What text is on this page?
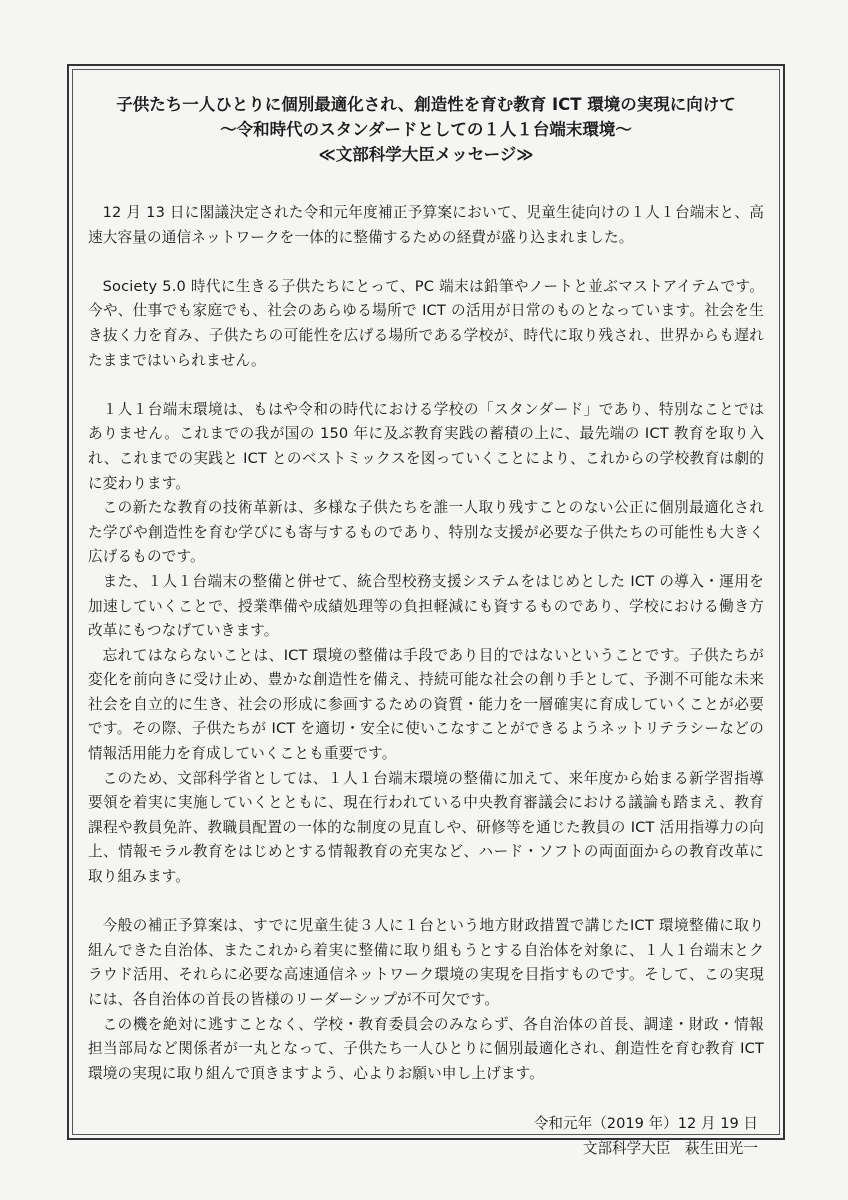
子供たち一人ひとりに個別最適化され、創造性を育む教育 ICT 環境の実現に向けて

～令和時代のスタンダードとしての１人１台端末環境～

≪文部科学大臣メッセージ≫

12 月 13 日に閣議決定された令和元年度補正予算案において、児童生徒向けの１人１台端末と、高速大容量の通信ネットワークを一体的に整備するための経費が盛り込まれました。

Society 5.0 時代に生きる子供たちにとって、PC 端末は鉛筆やノートと並ぶマストアイテムです。今や、仕事でも家庭でも、社会のあらゆる場所で ICT の活用が日常のものとなっています。社会を生き抜く力を育み、子供たちの可能性を広げる場所である学校が、時代に取り残され、世界からも遅れたままではいられません。

１人１台端末環境は、もはや令和の時代における学校の「スタンダード」であり、特別なことではありません。これまでの我が国の 150 年に及ぶ教育実践の蓄積の上に、最先端の ICT 教育を取り入れ、これまでの実践と ICT とのベストミックスを図っていくことにより、これからの学校教育は劇的に変わります。

この新たな教育の技術革新は、多様な子供たちを誰一人取り残すことのない公正に個別最適化された学びや創造性を育む学びにも寄与するものであり、特別な支援が必要な子供たちの可能性も大きく広げるものです。

また、１人１台端末の整備と併せて、統合型校務支援システムをはじめとした ICT の導入・運用を加速していくことで、授業準備や成績処理等の負担軽減にも資するものであり、学校における働き方改革にもつなげていきます。

忘れてはならないことは、ICT 環境の整備は手段であり目的ではないということです。子供たちが変化を前向きに受け止め、豊かな創造性を備え、持続可能な社会の創り手として、予測不可能な未来社会を自立的に生き、社会の形成に参画するための資質・能力を一層確実に育成していくことが必要です。その際、子供たちが ICT を適切・安全に使いこなすことができるようネットリテラシーなどの情報活用能力を育成していくことも重要です。

このため、文部科学省としては、１人１台端末環境の整備に加えて、来年度から始まる新学習指導要領を着実に実施していくとともに、現在行われている中央教育審議会における議論も踏まえ、教育課程や教員免許、教職員配置の一体的な制度の見直しや、研修等を通じた教員の ICT 活用指導力の向上、情報モラル教育をはじめとする情報教育の充実など、ハード・ソフトの両面面からの教育改革に取り組みます。

今般の補正予算案は、すでに児童生徒３人に１台という地方財政措置で講じたICT 環境整備に取り組んできた自治体、またこれから着実に整備に取り組もうとする自治体を対象に、１人１台端末とクラウド活用、それらに必要な高速通信ネットワーク環境の実現を目指すものです。そして、この実現には、各自治体の首長の皆様のリーダーシップが不可欠です。

この機を絶対に逃すことなく、学校・教育委員会のみならず、各自治体の首長、調達・財政・情報担当部局など関係者が一丸となって、子供たち一人ひとりに個別最適化され、創造性を育む教育 ICT 環境の実現に取り組んで頂きますよう、心よりお願い申し上げます。

令和元年（2019 年）12 月 19 日
文部科学大臣　萩生田光一
